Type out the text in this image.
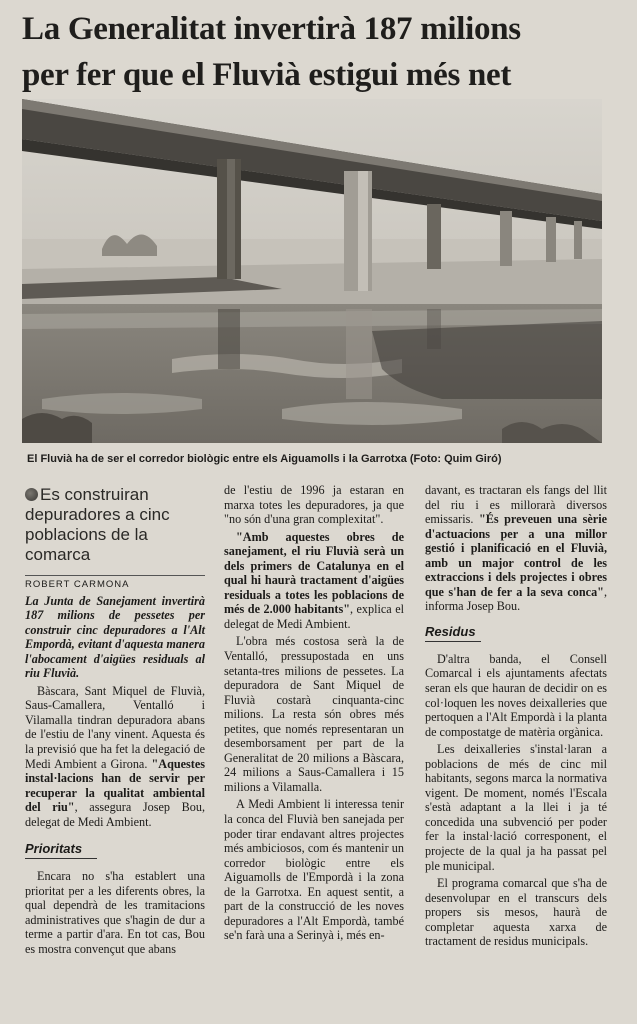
La Generalitat invertirà 187 milions
per fer que el Fluvià estigui més net
El Fluvià ha de ser el corredor biològic entre els Aiguamolls i la Garrotxa (Foto: Quim Giró)
Es construiran depuradores a cinc poblacions de la comarca
ROBERT CARMONA

La Junta de Sanejament invertirà 187 milions de pessetes per construir cinc depuradores a l'Alt Empordà, evitant d'aquesta manera l'abocament d'aigües residuals al riu Fluvià.

Bàscara, Sant Miquel de Fluvià, Saus-Camallera, Ventalló i Vilamalla tindran depuradora abans de l'estiu de l'any vinent. Aquesta és la previsió que ha fet la delegació de Medi Ambient a Girona. "Aquestes instal·lacions han de servir per recuperar la qualitat ambiental del riu", assegura Josep Bou, delegat de Medi Ambient.

Prioritats

Encara no s'ha establert una prioritat per a les diferents obres, la qual dependrà de les tramitacions administratives que s'hagin de dur a terme a partir d'ara. En tot cas, Bou es mostra convençut que abans

de l'estiu de 1996 ja estaran en marxa totes les depuradores, ja que "no són d'una gran complexitat".

"Amb aquestes obres de sanejament, el riu Fluvià serà un dels primers de Catalunya en el qual hi haurà tractament d'aigües residuals a totes les poblacions de més de 2.000 habitants", explica el delegat de Medi Ambient.

L'obra més costosa serà la de Ventalló, pressupostada en uns setanta-tres milions de pessetes. La depuradora de Sant Miquel de Fluvià costarà cinquanta-cinc milions. La resta són obres més petites, que només representaran un desemborsament per part de la Generalitat de 20 milions a Bàscara, 24 milions a Saus-Camallera i 15 milions a Vilamalla.

A Medi Ambient li interessa tenir la conca del Fluvià ben sanejada per poder tirar endavant altres projectes més ambiciosos, com és mantenir un corredor biològic entre els Aiguamolls de l'Empordà i la zona de la Garrotxa. En aquest sentit, a part de la construcció de les noves depuradores a l'Alt Empordà, també se'n farà una a Serinyà i, més en-

davant, es tractaran els fangs del llit del riu i es millorarà diversos emissaris. "És preveuen una sèrie d'actuacions per a una millor gestió i planificació en el Fluvià, amb un major control de les extraccions i dels projectes i obres que s'han de fer a la seva conca", informa Josep Bou.

Residus

D'altra banda, el Consell Comarcal i els ajuntaments afectats seran els que hauran de decidir on es col·loquen les noves deixalleries que pertoquen a l'Alt Empordà i la planta de compostatge de matèria orgànica.

Les deixalleries s'instal·laran a poblacions de més de cinc mil habitants, segons marca la normativa vigent. De moment, només l'Escala s'està adaptant a la llei i ja té concedida una subvenció per poder fer la instal·lació corresponent, el projecte de la qual ja ha passat pel ple municipal.

El programa comarcal que s'ha de desenvolupar en el transcurs dels propers sis mesos, haurà de completar aquesta xarxa de tractament de residus municipals.
